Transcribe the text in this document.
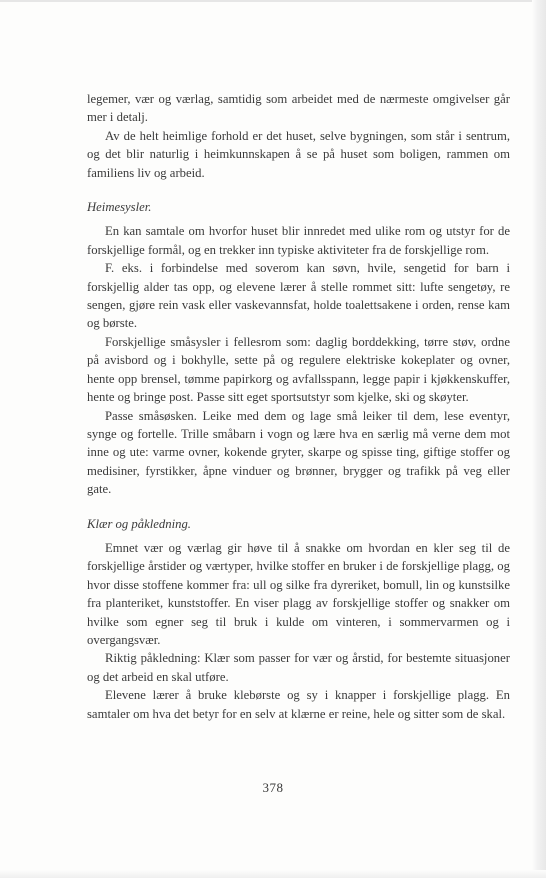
legemer, vær og værlag, samtidig som arbeidet med de nærmeste omgivelser går mer i detalj.

Av de helt heimlige forhold er det huset, selve bygningen, som står i sentrum, og det blir naturlig i heimkunnskapen å se på huset som boligen, rammen om familiens liv og arbeid.

Heimesysler.

En kan samtale om hvorfor huset blir innredet med ulike rom og utstyr for de forskjellige formål, og en trekker inn typiske aktiviteter fra de forskjellige rom.

F. eks. i forbindelse med soverom kan søvn, hvile, sengetid for barn i forskjellig alder tas opp, og elevene lærer å stelle rommet sitt: lufte sengetøy, re sengen, gjøre rein vask eller vaskevannsfat, holde toalettsakene i orden, rense kam og børste.

Forskjellige småsysler i fellesrom som: daglig borddekking, tørre støv, ordne på avisbord og i bokhylle, sette på og regulere elektriske kokeplater og ovner, hente opp brensel, tømme papirkorg og avfallsspann, legge papir i kjøkkenskuffer, hente og bringe post. Passe sitt eget sportsutstyr som kjelke, ski og skøyter.

Passe småsøsken. Leike med dem og lage små leiker til dem, lese eventyr, synge og fortelle. Trille småbarn i vogn og lære hva en særlig må verne dem mot inne og ute: varme ovner, kokende gryter, skarpe og spisse ting, giftige stoffer og medisiner, fyrstikker, åpne vinduer og brønner, brygger og trafikk på veg eller gate.

Klær og påkledning.

Emnet vær og værlag gir høve til å snakke om hvordan en kler seg til de forskjellige årstider og værtyper, hvilke stoffer en bruker i de forskjellige plagg, og hvor disse stoffene kommer fra: ull og silke fra dyreriket, bomull, lin og kunstsilke fra planteriket, kunststoffer. En viser plagg av forskjellige stoffer og snakker om hvilke som egner seg til bruk i kulde om vinteren, i sommervarmen og i overgangsvær.

Riktig påkledning: Klær som passer for vær og årstid, for bestemte situasjoner og det arbeid en skal utføre.

Elevene lærer å bruke klebørste og sy i knapper i forskjellige plagg. En samtaler om hva det betyr for en selv at klærne er reine, hele og sitter som de skal.

378
